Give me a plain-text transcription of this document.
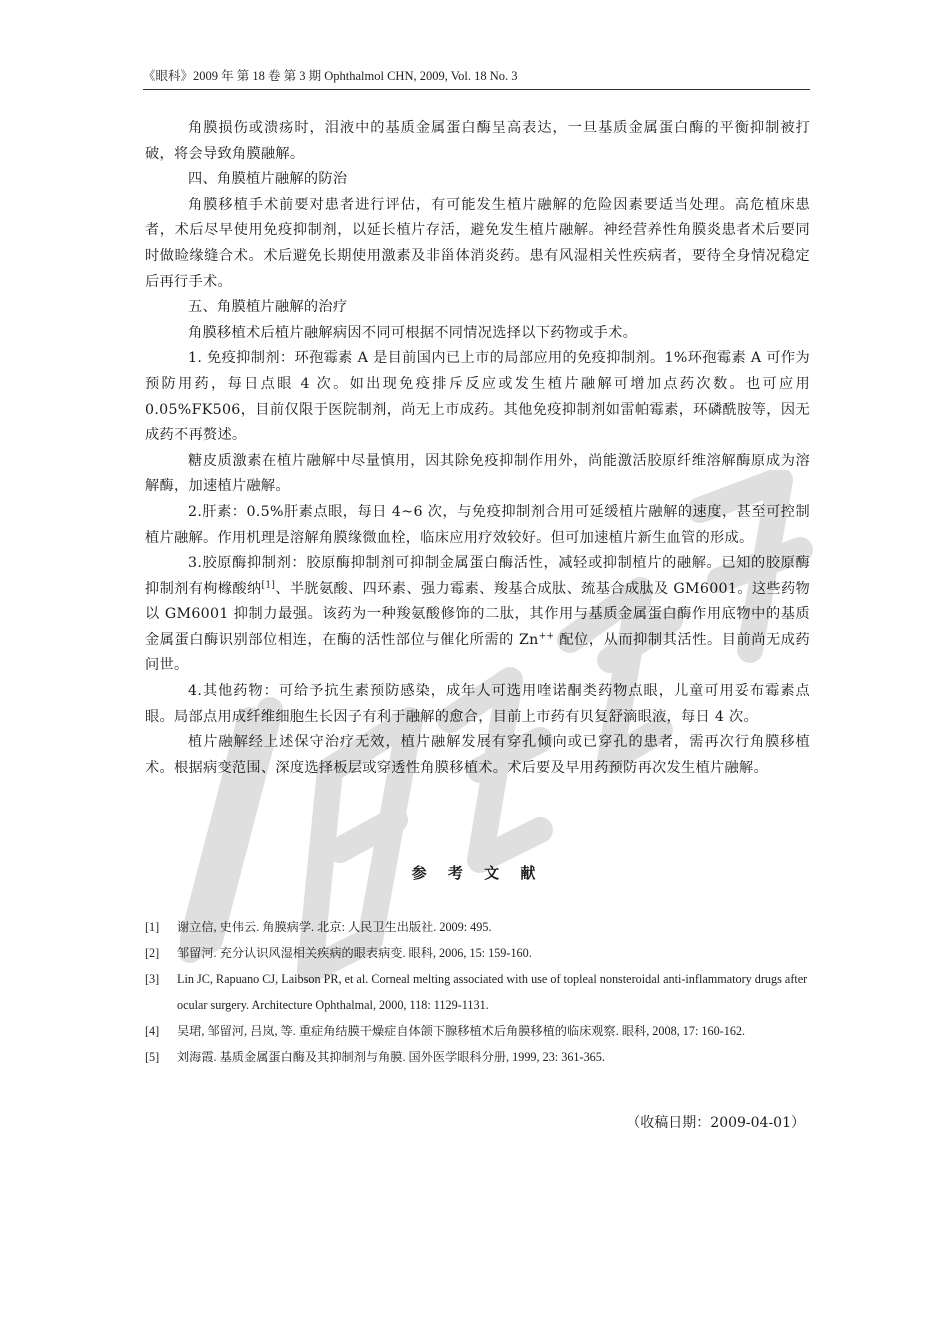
《眼科》2009 年 第 18 卷 第 3 期 Ophthalmol CHN, 2009, Vol. 18 No. 3

角膜损伤或溃疡时，泪液中的基质金属蛋白酶呈高表达，一旦基质金属蛋白酶的平衡抑制被打破，将会导致角膜融解。

四、角膜植片融解的防治

角膜移植手术前要对患者进行评估，有可能发生植片融解的危险因素要适当处理。高危植床患者，术后尽早使用免疫抑制剂，以延长植片存活，避免发生植片融解。神经营养性角膜炎患者术后要同时做睑缘缝合术。术后避免长期使用激素及非甾体消炎药。患有风湿相关性疾病者，要待全身情况稳定后再行手术。

五、角膜植片融解的治疗

角膜移植术后植片融解病因不同可根据不同情况选择以下药物或手术。

1. 免疫抑制剂：环孢霉素 A 是目前国内已上市的局部应用的免疫抑制剂。1%环孢霉素 A 可作为预防用药，每日点眼 4 次。如出现免疫排斥反应或发生植片融解可增加点药次数。也可应用 0.05%FK506，目前仅限于医院制剂，尚无上市成药。其他免疫抑制剂如雷帕霉素，环磷酰胺等，因无成药不再赘述。

糖皮质激素在植片融解中尽量慎用，因其除免疫抑制作用外，尚能激活胶原纤维溶解酶原成为溶解酶，加速植片融解。

2.肝素：0.5%肝素点眼，每日 4~6 次，与免疫抑制剂合用可延缓植片融解的速度，甚至可控制植片融解。作用机理是溶解角膜缘微血栓，临床应用疗效较好。但可加速植片新生血管的形成。

3.胶原酶抑制剂：胶原酶抑制剂可抑制金属蛋白酶活性，减轻或抑制植片的融解。已知的胶原酶抑制剂有枸橼酸纳[1]、半胱氨酸、四环素、强力霉素、羧基合成肽、巯基合成肽及 GM6001。这些药物以 GM6001 抑制力最强。该药为一种羧氨酸修饰的二肽，其作用与基质金属蛋白酶作用底物中的基质金属蛋白酶识别部位相连，在酶的活性部位与催化所需的 Zn++ 配位，从而抑制其活性。目前尚无成药问世。

4.其他药物：可给予抗生素预防感染，成年人可选用喹诺酮类药物点眼，儿童可用妥布霉素点眼。局部点用成纤维细胞生长因子有利于融解的愈合，目前上市药有贝复舒滴眼液，每日 4 次。

植片融解经上述保守治疗无效，植片融解发展有穿孔倾向或已穿孔的患者，需再次行角膜移植术。根据病变范围、深度选择板层或穿透性角膜移植术。术后要及早用药预防再次发生植片融解。

参 考 文 献
[1]	谢立信, 史伟云. 角膜病学. 北京: 人民卫生出版社. 2009: 495.
[2]	邹留河. 充分认识风湿相关疾病的眼表病变. 眼科, 2006, 15: 159-160.
[3]	Lin JC, Rapuano CJ, Laibson PR, et al. Corneal melting associated with use of topleal nonsteroidal anti-inflammatory drugs after ocular surgery. Architecture Ophthalmal, 2000, 118: 1129-1131.
[4]	吴珺, 邹留河, 吕岚, 等. 重症角结膜干燥症自体颌下腺移植术后角膜移植的临床观察. 眼科, 2008, 17: 160-162.
[5]	刘海霞. 基质金属蛋白酶及其抑制剂与角膜. 国外医学眼科分册, 1999, 23: 361-365.
（收稿日期：2009-04-01）
